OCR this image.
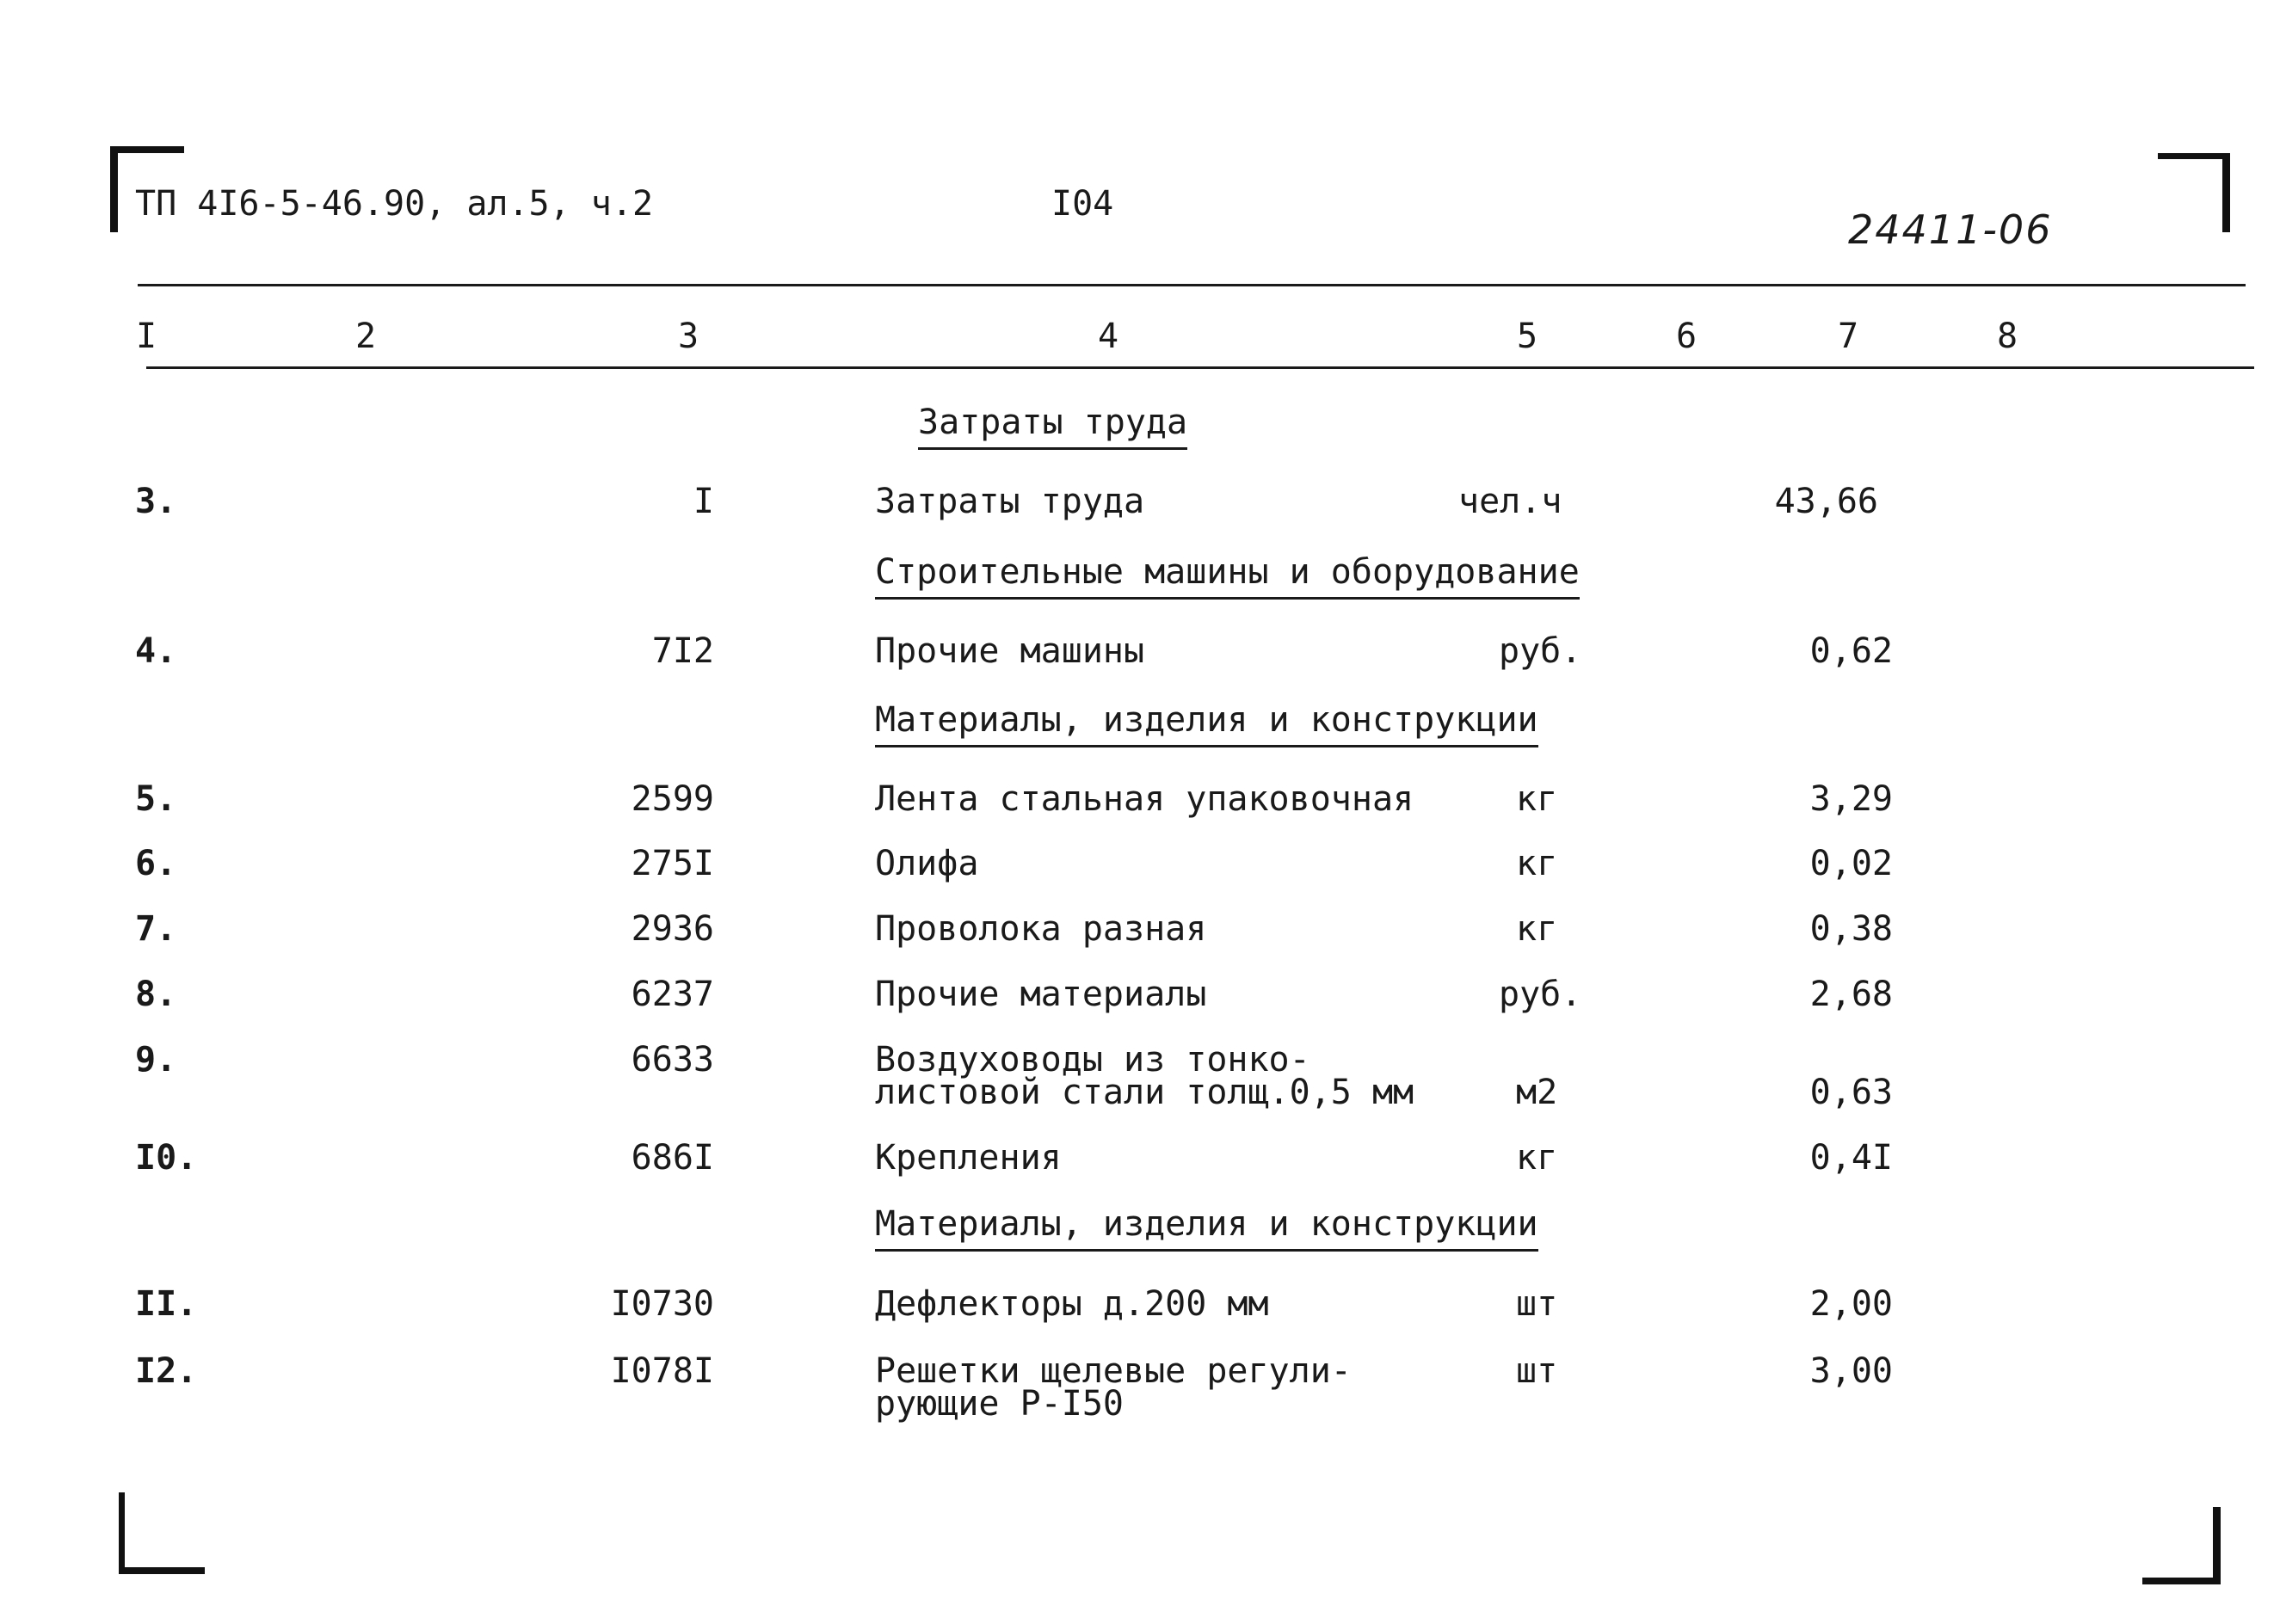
ТП 4I6-5-46.90, ал.5, ч.2	I04
24411-06
I	2	3	4	5	6	7	8
Затраты труда
3.	I	Затраты труда	чел.ч	43,66
Строительные машины и оборудование
4.	7I2	Прочие машины	руб.	0,62
Материалы, изделия и конструкции
5.	2599	Лента стальная упаковочная	кг	3,29
6.	275I	Олифа	кг	0,02
7.	2936	Проволока разная	кг	0,38
8.	6237	Прочие материалы	руб.	2,68
9.	6633	Воздуховоды из тонко-
листовой стали толщ.0,5 мм	м2	0,63
I0.	686I	Крепления	кг	0,4I
Материалы, изделия и конструкции
II.	I0730	Дефлекторы д.200 мм	шт	2,00
I2.	I078I	Решетки щелевые регули-
рующие Р-I50
шт	3,00
